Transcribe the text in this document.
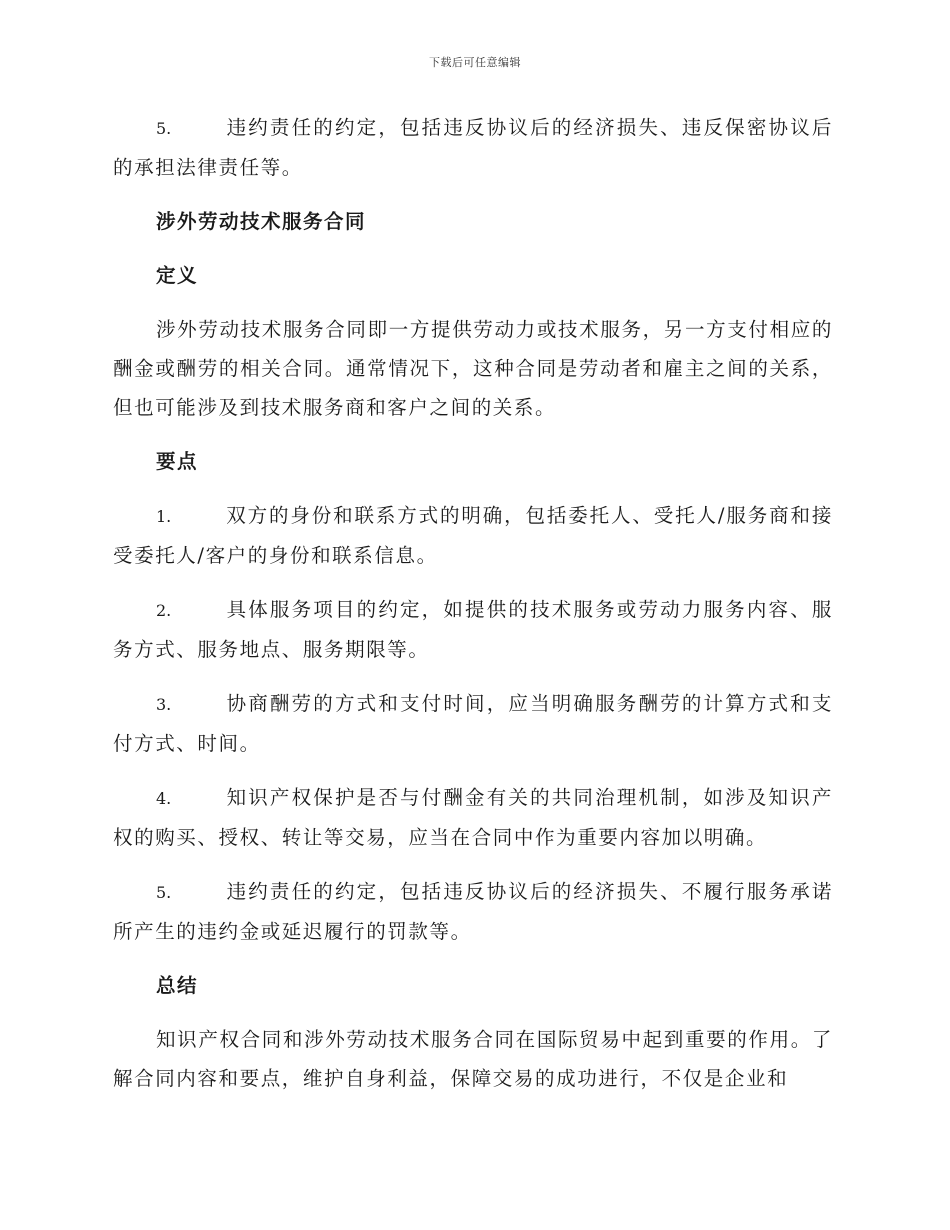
下载后可任意编辑

5.	违约责任的约定，包括违反协议后的经济损失、违反保密协议后的承担法律责任等。

涉外劳动技术服务合同
定义

涉外劳动技术服务合同即一方提供劳动力或技术服务，另一方支付相应的酬金或酬劳的相关合同。通常情况下，这种合同是劳动者和雇主之间的关系，但也可能涉及到技术服务商和客户之间的关系。

要点

1.	双方的身份和联系方式的明确，包括委托人、受托人/服务商和接受委托人/客户的身份和联系信息。

2.	具体服务项目的约定，如提供的技术服务或劳动力服务内容、服务方式、服务地点、服务期限等。

3.	协商酬劳的方式和支付时间，应当明确服务酬劳的计算方式和支付方式、时间。

4.	知识产权保护是否与付酬金有关的共同治理机制，如涉及知识产权的购买、授权、转让等交易，应当在合同中作为重要内容加以明确。

5.	违约责任的约定，包括违反协议后的经济损失、不履行服务承诺所产生的违约金或延迟履行的罚款等。

总结

知识产权合同和涉外劳动技术服务合同在国际贸易中起到重要的作用。了解合同内容和要点，维护自身利益，保障交易的成功进行，不仅是企业和
